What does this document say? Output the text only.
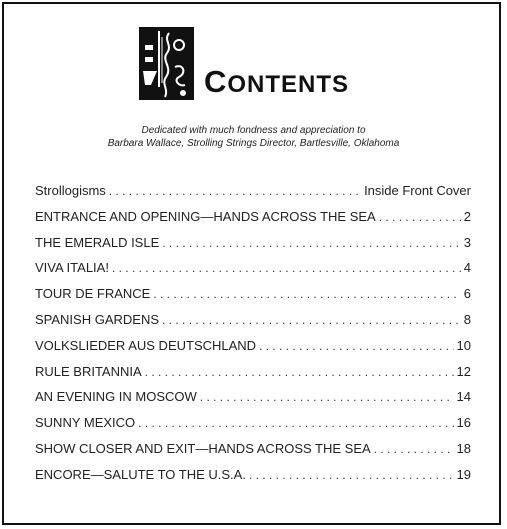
CONTENTS
Dedicated with much fondness and appreciation to
Barbara Wallace, Strolling Strings Director, Bartlesville, Oklahoma
Strollogisms . . .	Inside Front Cover
ENTRANCE AND OPENING—HANDS ACROSS THE SEA . . .	2
THE EMERALD ISLE . . .	3
VIVA ITALIA! . . .	4
TOUR DE FRANCE . . .	6
SPANISH GARDENS . . .	8
VOLKSLIEDER AUS DEUTSCHLAND . . .	10
RULE BRITANNIA . . .	12
AN EVENING IN MOSCOW . . .	14
SUNNY MEXICO . . .	16
SHOW CLOSER AND EXIT—HANDS ACROSS THE SEA . . .	18
ENCORE—SALUTE TO THE U.S.A. . . .	19
